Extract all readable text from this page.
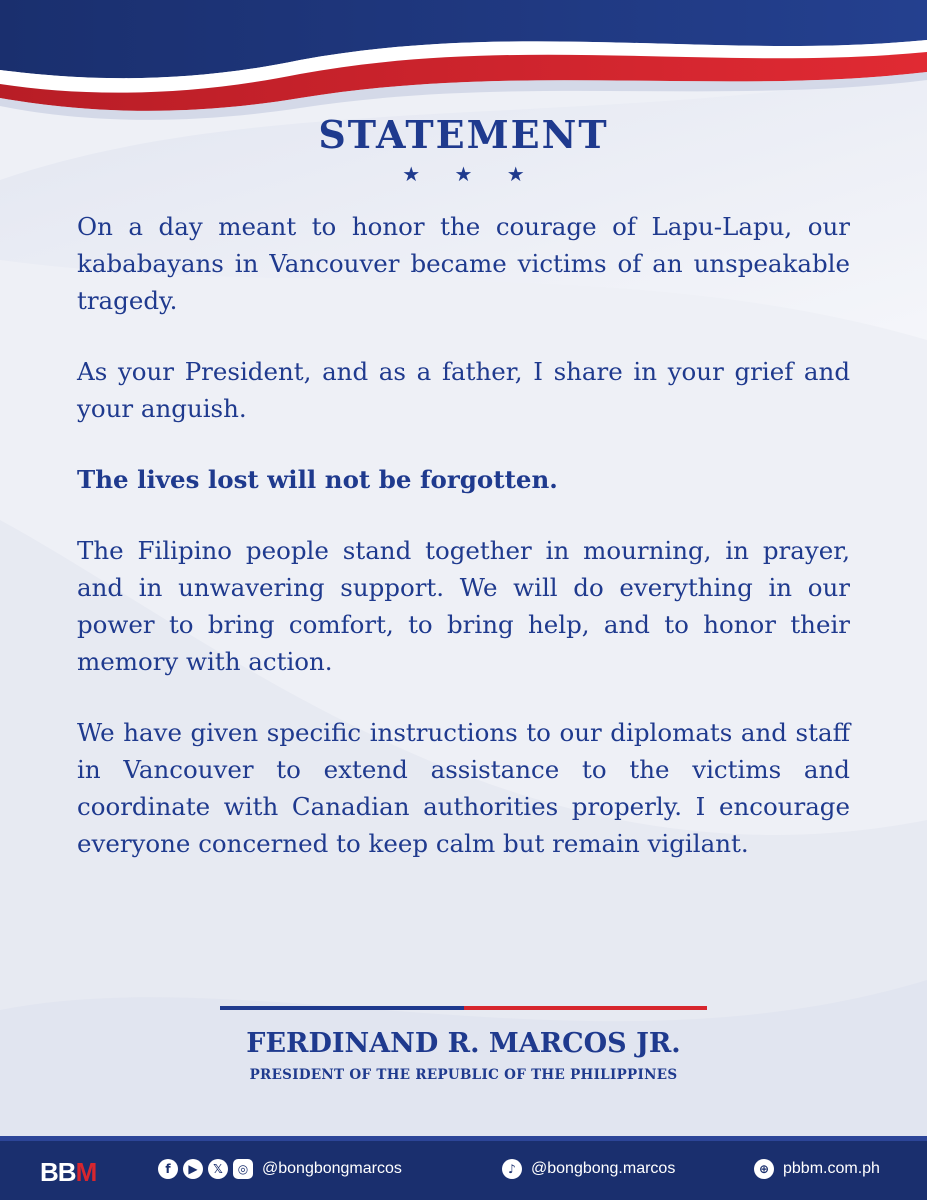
STATEMENT
★ ★ ★

On a day meant to honor the courage of Lapu-Lapu, our kababayans in Vancouver became victims of an unspeakable tragedy.

As your President, and as a father, I share in your grief and your anguish.

The lives lost will not be forgotten.

The Filipino people stand together in mourning, in prayer, and in unwavering support. We will do everything in our power to bring comfort, to bring help, and to honor their memory with action.

We have given specific instructions to our diplomats and staff in Vancouver to extend assistance to the victims and coordinate with Canadian authorities properly. I encourage everyone concerned to keep calm but remain vigilant.

FERDINAND R. MARCOS JR.
PRESIDENT OF THE REPUBLIC OF THE PHILIPPINES
BBM	f	▶	𝕏	◎ @bongbongmarcos	♪ @bongbong.marcos	⊕ pbbm.com.ph
